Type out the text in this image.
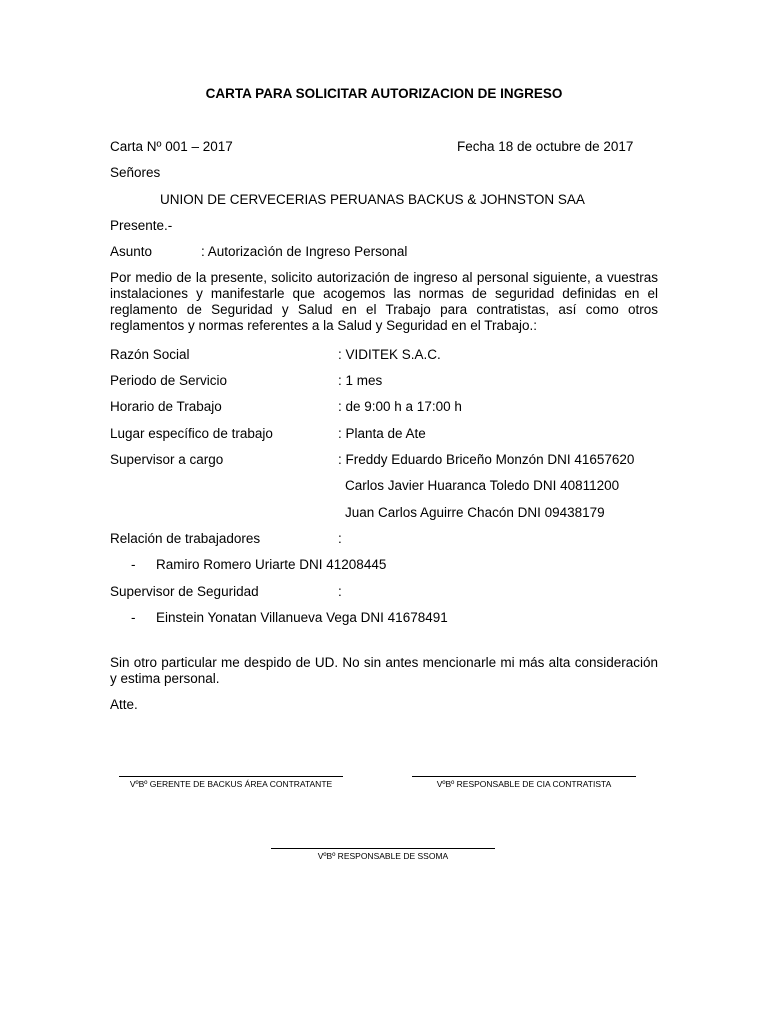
CARTA PARA SOLICITAR AUTORIZACION DE INGRESO
Carta Nº 001 – 2017	Fecha 18 de octubre de 2017
Señores
UNION DE CERVECERIAS PERUANAS BACKUS & JOHNSTON SAA
Presente.-
Asunto	: Autorizacìón de Ingreso Personal
Por medio de la presente, solicito autorización de ingreso al personal siguiente, a vuestras instalaciones y manifestarle que acogemos las normas de seguridad definidas en el reglamento de Seguridad y Salud en el Trabajo para contratistas, así como otros reglamentos y normas referentes a la Salud y Seguridad en el Trabajo.:
Razón Social	: VIDITEK S.A.C.
Periodo de Servicio	: 1 mes
Horario de Trabajo	: de 9:00 h a 17:00 h
Lugar específico de trabajo	: Planta de Ate
Supervisor a cargo	: Freddy Eduardo Briceño Monzón DNI 41657620
Carlos Javier Huaranca Toledo DNI 40811200
Juan Carlos Aguirre Chacón DNI 09438179
Relación de trabajadores	:
- Ramiro Romero Uriarte DNI 41208445
Supervisor de Seguridad	:
- Einstein Yonatan Villanueva Vega DNI 41678491
Sin otro particular me despido de UD. No sin antes mencionarle mi más alta consideración y estima personal.
Atte.
VºBº GERENTE DE BACKUS ÁREA CONTRATANTE	VºBº RESPONSABLE DE CIA CONTRATISTA
VºBº RESPONSABLE DE SSOMA
